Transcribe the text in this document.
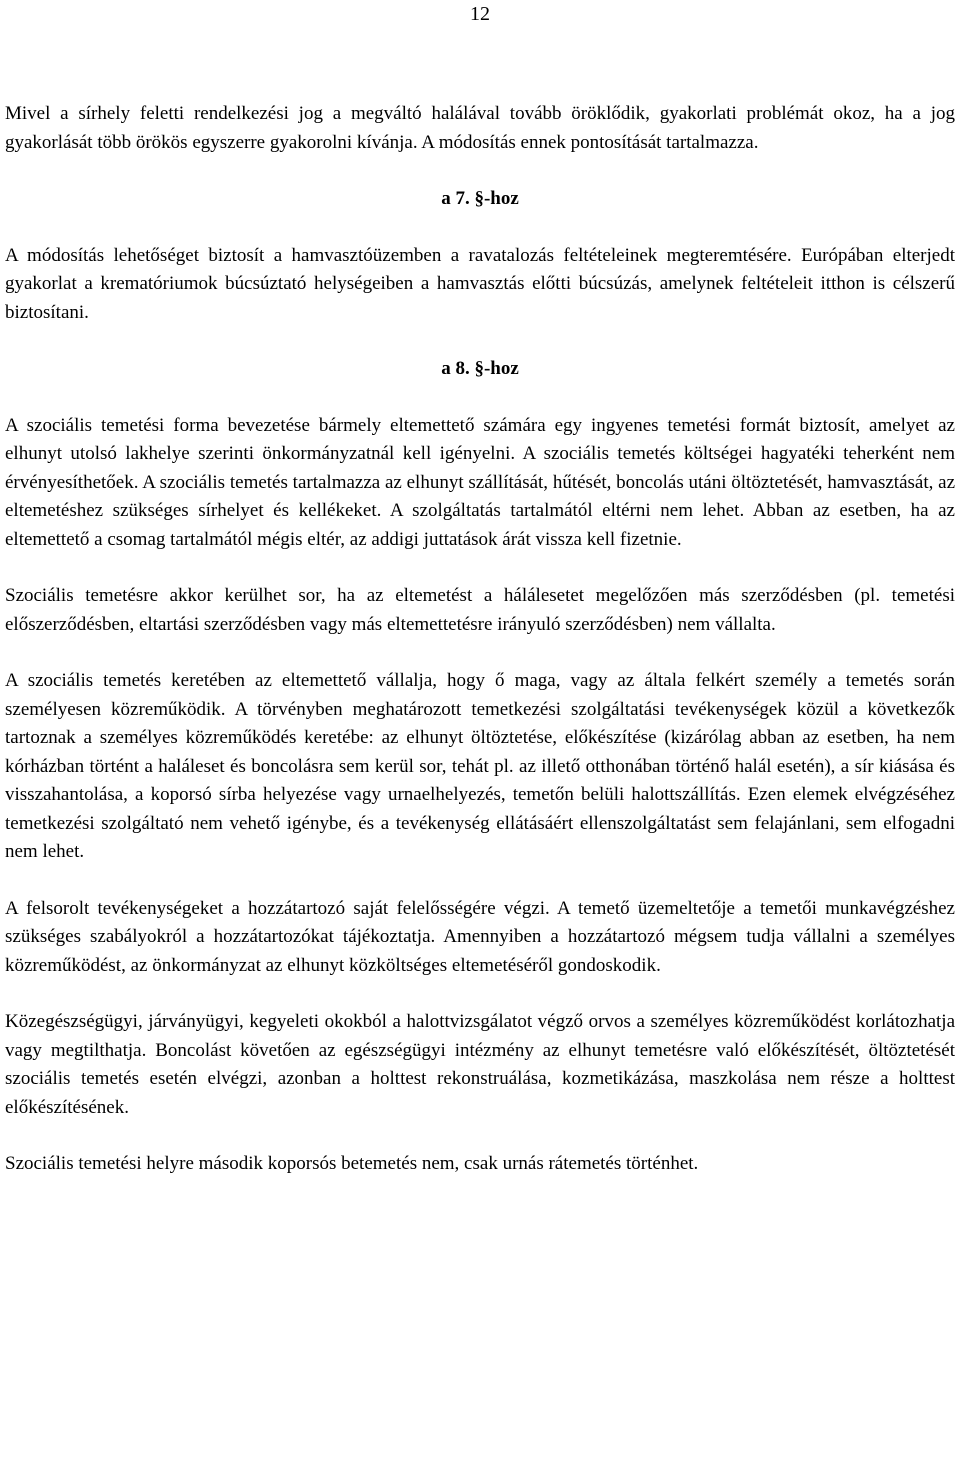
12

Mivel a sírhely feletti rendelkezési jog a megváltó halálával tovább öröklődik, gyakorlati problémát okoz, ha a jog gyakorlását több örökös egyszerre gyakorolni kívánja. A módosítás ennek pontosítását tartalmazza.

a 7. §-hoz

A módosítás lehetőséget biztosít a hamvasztóüzemben a ravatalozás feltételeinek megteremtésére. Európában elterjedt gyakorlat a krematóriumok búcsúztató helységeiben a hamvasztás előtti búcsúzás, amelynek feltételeit itthon is célszerű biztosítani.

a 8. §-hoz

A szociális temetési forma bevezetése bármely eltemettető számára egy ingyenes temetési formát biztosít, amelyet az elhunyt utolsó lakhelye szerinti önkormányzatnál kell igényelni. A szociális temetés költségei hagyatéki teherként nem érvényesíthetőek. A szociális temetés tartalmazza az elhunyt szállítását, hűtését, boncolás utáni öltöztetését, hamvasztását, az eltemetéshez szükséges sírhelyet és kellékeket. A szolgáltatás tartalmától eltérni nem lehet. Abban az esetben, ha az eltemettető a csomag tartalmától mégis eltér, az addigi juttatások árát vissza kell fizetnie.

Szociális temetésre akkor kerülhet sor, ha az eltemetést a hálálesetet megelőzően más szerződésben (pl. temetési előszerződésben, eltartási szerződésben vagy más eltemettetésre irányuló szerződésben) nem vállalta.

A szociális temetés keretében az eltemettető vállalja, hogy ő maga, vagy az általa felkért személy a temetés során személyesen közreműködik. A törvényben meghatározott temetkezési szolgáltatási tevékenységek közül a következők tartoznak a személyes közreműködés keretébe: az elhunyt öltöztetése, előkészítése (kizárólag abban az esetben, ha nem kórházban történt a haláleset és boncolásra sem kerül sor, tehát pl. az illető otthonában történő halál esetén), a sír kiásása és visszahantolása, a koporsó sírba helyezése vagy urnaelhelyezés, temetőn belüli halottszállítás. Ezen elemek elvégzéséhez temetkezési szolgáltató nem vehető igénybe, és a tevékenység ellátásáért ellenszolgáltatást sem felajánlani, sem elfogadni nem lehet.

A felsorolt tevékenységeket a hozzátartozó saját felelősségére végzi. A temető üzemeltetője a temetői munkavégzéshez szükséges szabályokról a hozzátartozókat tájékoztatja. Amennyiben a hozzátartozó mégsem tudja vállalni a személyes közreműködést, az önkormányzat az elhunyt közköltséges eltemetéséről gondoskodik.

Közegészségügyi, járványügyi, kegyeleti okokból a halottvizsgálatot végző orvos a személyes közreműködést korlátozhatja vagy megtilthatja. Boncolást követően az egészségügyi intézmény az elhunyt temetésre való előkészítését, öltöztetését szociális temetés esetén elvégzi, azonban a holttest rekonstruálása, kozmetikázása, maszkolása nem része a holttest előkészítésének.

Szociális temetési helyre második koporsós betemetés nem, csak urnás rátemetés történhet.
